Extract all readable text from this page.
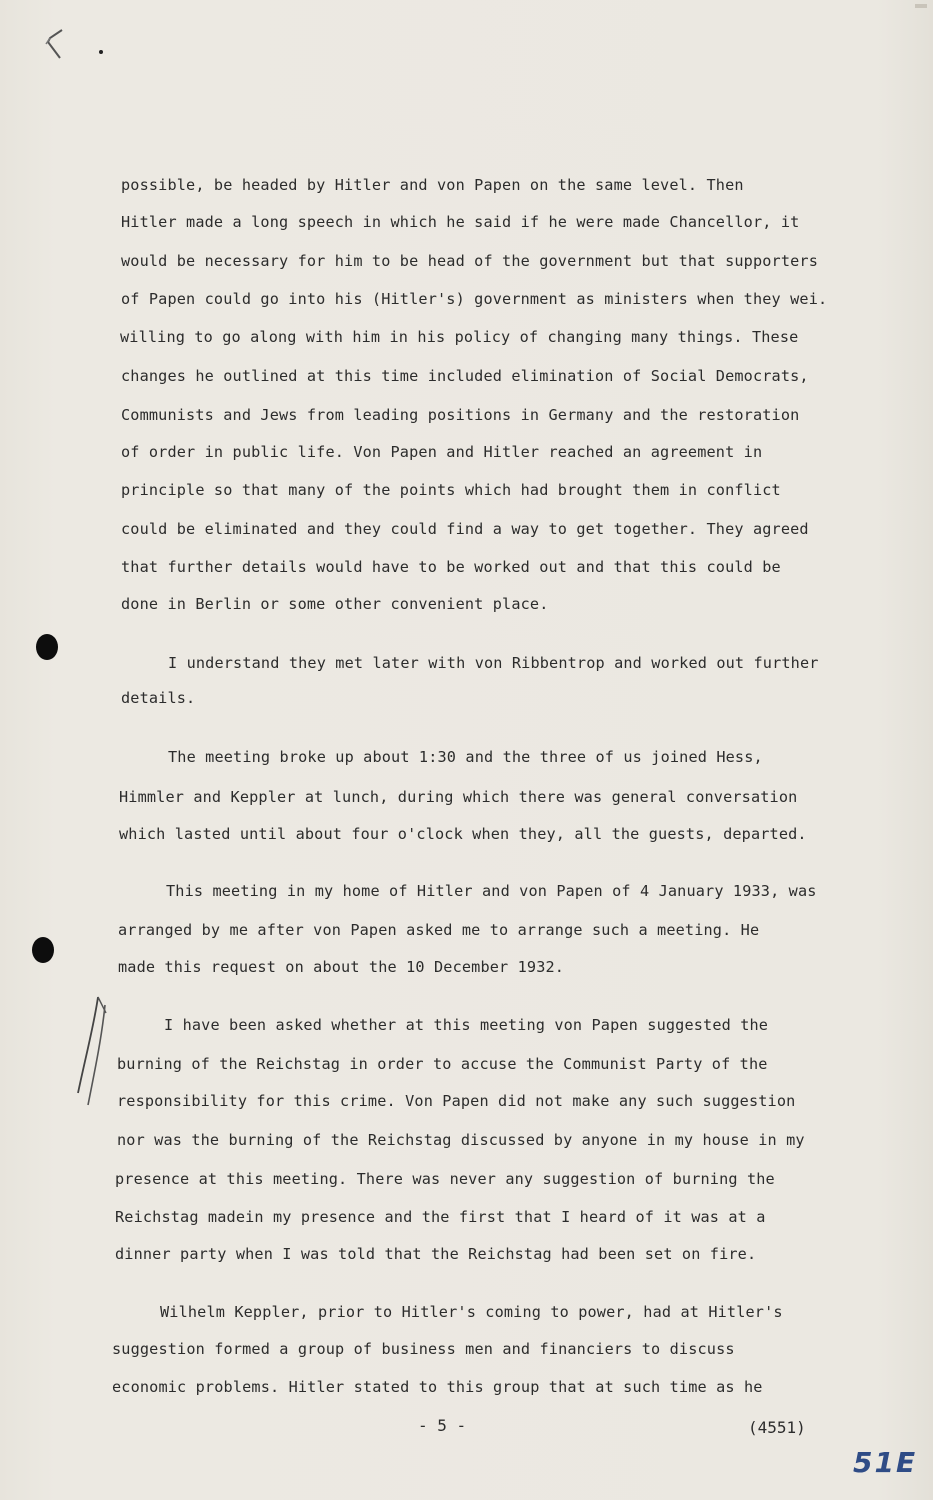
possible, be headed by Hitler and von Papen on the same level. Then
Hitler made a long speech in which he said if he were made Chancellor, it
would be necessary for him to be head of the government but that supporters
of Papen could go into his (Hitler's) government as ministers when they wei.
willing to go along with him in his policy of changing many things. These
changes he outlined at this time included elimination of Social Democrats,
Communists and Jews from leading positions in Germany and the restoration
of order in public life. Von Papen and Hitler reached an agreement in
principle so that many of the points which had brought them in conflict
could be eliminated and they could find a way to get together. They agreed
that further details would have to be worked out and that this could be
done in Berlin or some other convenient place.
I understand they met later with von Ribbentrop and worked out further
details.
The meeting broke up about 1:30 and the three of us joined Hess,
Himmler and Keppler at lunch, during which there was general conversation
which lasted until about four o'clock when they, all the guests, departed.
This meeting in my home of Hitler and von Papen of 4 January 1933, was
arranged by me after von Papen asked me to arrange such a meeting. He
made this request on about the 10 December 1932.
I have been asked whether at this meeting von Papen suggested the
burning of the Reichstag in order to accuse the Communist Party of the
responsibility for this crime. Von Papen did not make any such suggestion
nor was the burning of the Reichstag discussed by anyone in my house in my
presence at this meeting. There was never any suggestion of burning the
Reichstag madein my presence and the first that I heard of it was at a
dinner party when I was told that the Reichstag had been set on fire.
Wilhelm Keppler, prior to Hitler's coming to power, had at Hitler's
suggestion formed a group of business men and financiers to discuss
economic problems. Hitler stated to this group that at such time as he
- 5 -	(4551)
51E
